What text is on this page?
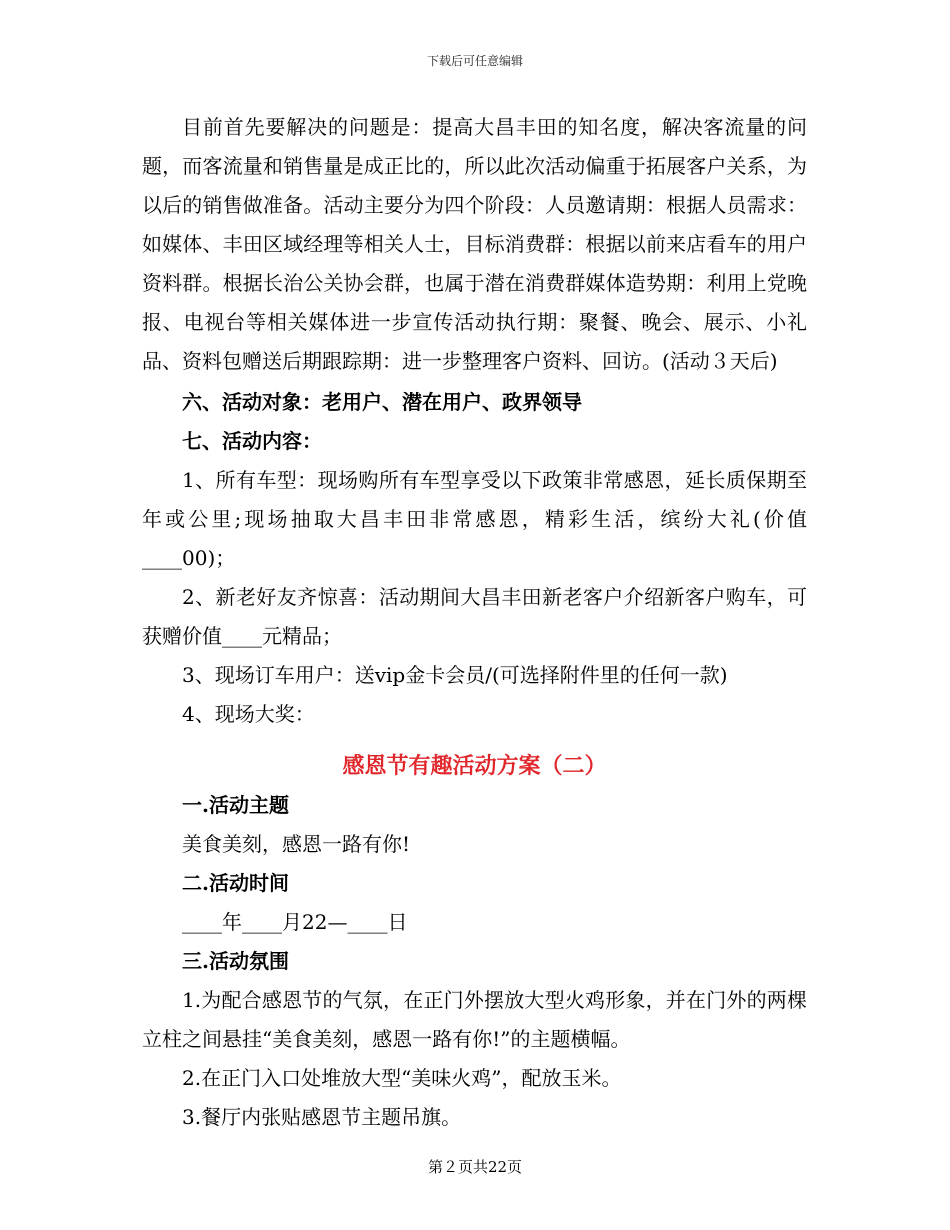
下载后可任意编辑

目前首先要解决的问题是：提高大昌丰田的知名度，解决客流量的问题，而客流量和销售量是成正比的，所以此次活动偏重于拓展客户关系，为以后的销售做准备。活动主要分为四个阶段：人员邀请期：根据人员需求：如媒体、丰田区域经理等相关人士，目标消费群：根据以前来店看车的用户资料群。根据长治公关协会群，也属于潜在消费群媒体造势期：利用上党晚报、电视台等相关媒体进一步宣传活动执行期：聚餐、晚会、展示、小礼品、资料包赠送后期跟踪期：进一步整理客户资料、回访。(活动３天后)

六、活动对象：老用户、潜在用户、政界领导

七、活动内容：

1、所有车型：现场购所有车型享受以下政策非常感恩，延长质保期至年或公里;现场抽取大昌丰田非常感恩，精彩生活，缤纷大礼(价值____00)；

2、新老好友齐惊喜：活动期间大昌丰田新老客户介绍新客户购车，可获赠价值____元精品；

3、现场订车用户：送vip金卡会员/(可选择附件里的任何一款)

4、现场大奖：

感恩节有趣活动方案（二）

一.活动主题

美食美刻，感恩一路有你!

二.活动时间

____年____月22—____日

三.活动氛围

1.为配合感恩节的气氛，在正门外摆放大型火鸡形象，并在门外的两棵立柱之间悬挂“美食美刻，感恩一路有你!”的主题横幅。

2.在正门入口处堆放大型“美味火鸡”，配放玉米。

3.餐厅内张贴感恩节主题吊旗。

第２页共22页
